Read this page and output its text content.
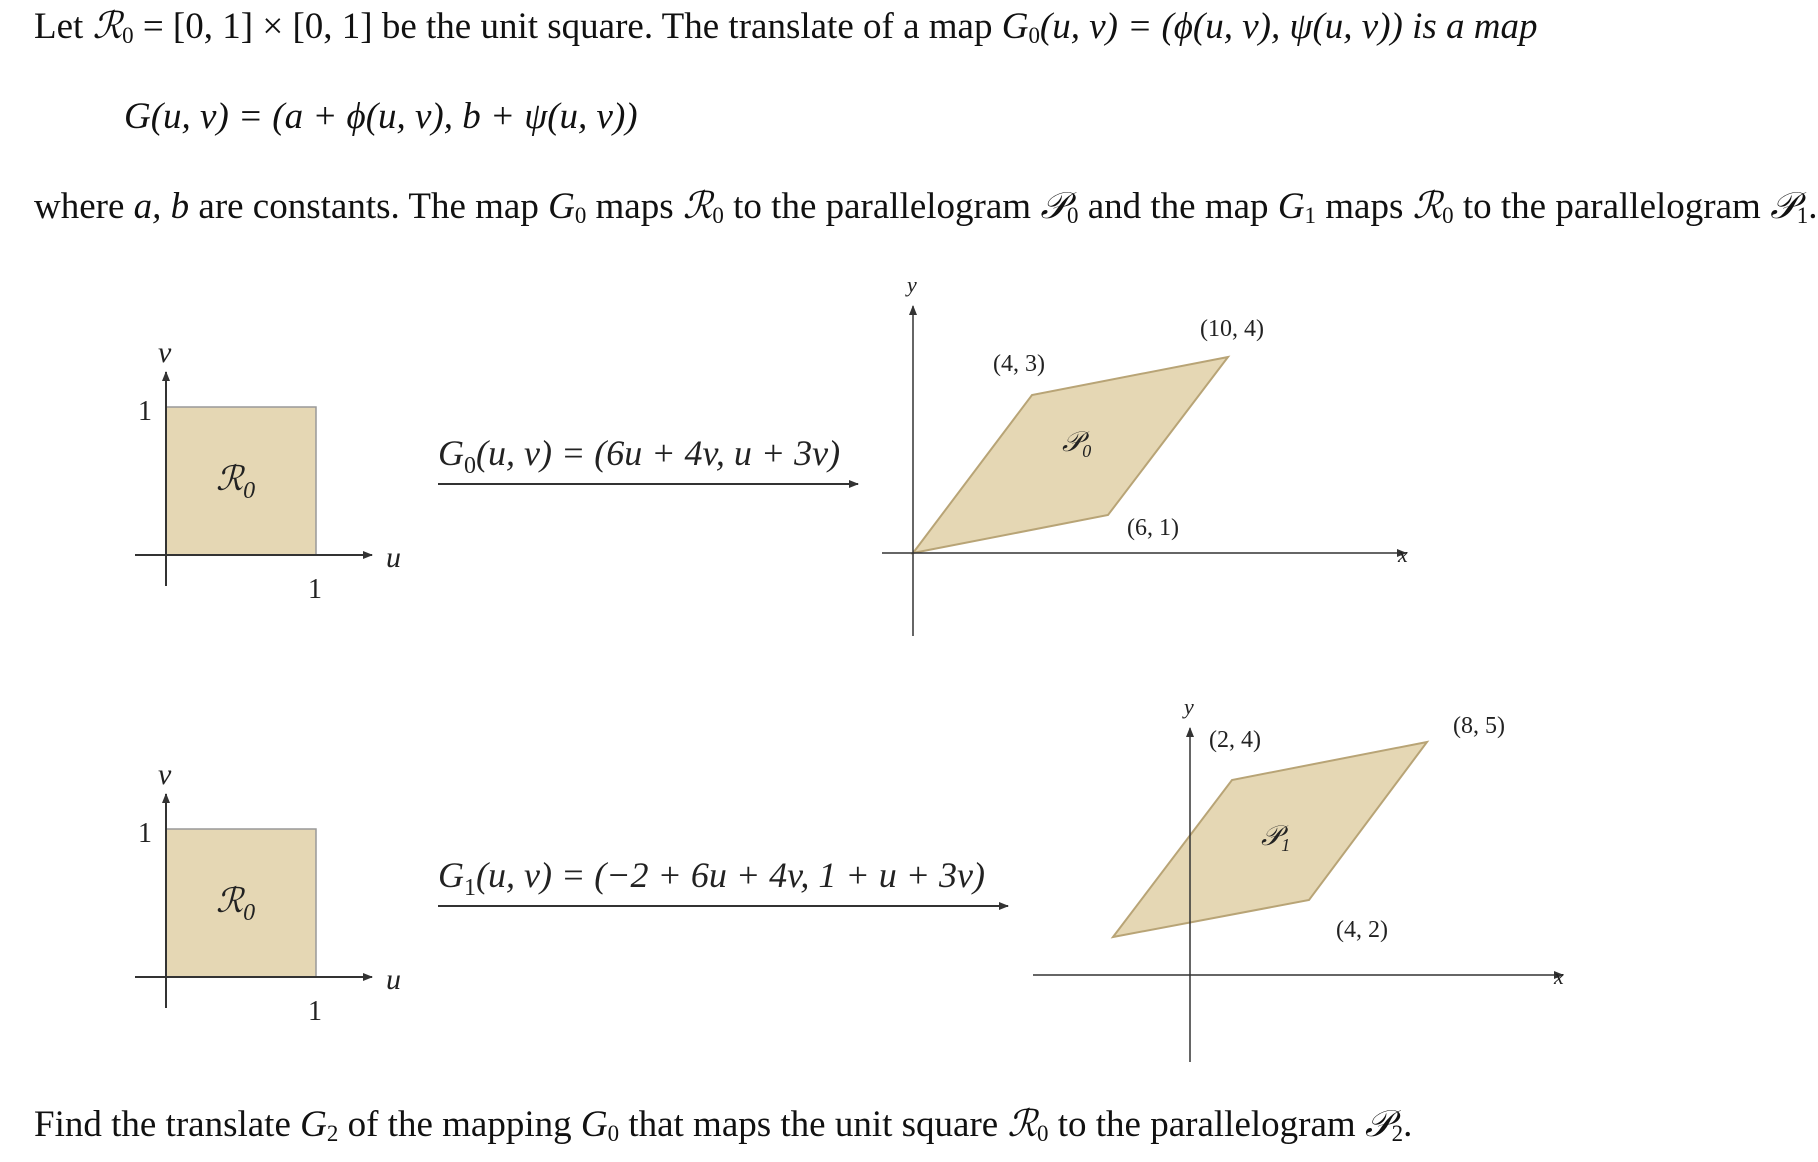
Let ℛ$_0$ = [0, 1] × [0, 1] be the unit square. The translate of a map $G_0(u$, v) = (ϕ(u, v), ψ(u, v)) is a map
G(u, v) = (a + ϕ(u, v), b + ψ(u, v))
where a, b are constants. The map $G_0$ maps ℛ$_0$ to the parallelogram 𝒫$_0$ and the map $G_1$ maps ℛ$_0$ to the parallelogram 𝒫$_1$.
v
1
u
1
ℛ$_0$
$G_0(u$, v) = (6u + 4v, u + 3v)
y
x
𝒫$_0$
(4, 3)
(10, 4)
(6, 1)
v
1
u
1
ℛ$_0$
$G_1(u$, v) = (−2 + 6u + 4v, 1 + u + 3v)
y
x
𝒫$_1$
(2, 4)
(8, 5)
(4, 2)
Find the translate $G_2$ of the mapping $G_0$ that maps the unit square ℛ$_0$ to the parallelogram 𝒫$_2$.
